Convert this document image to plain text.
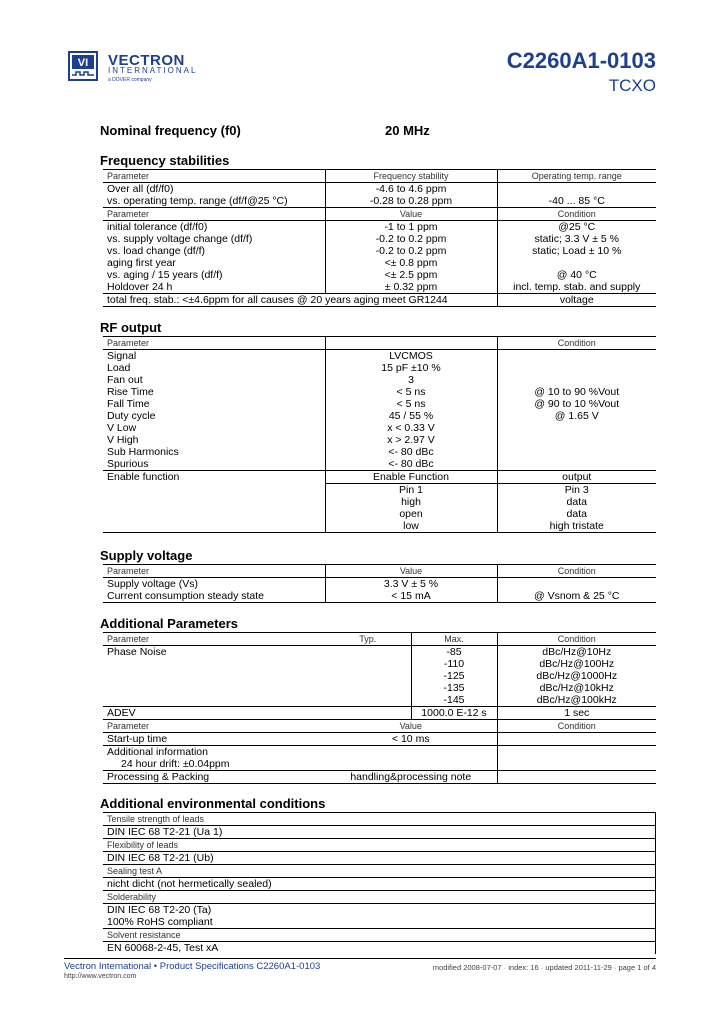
VI VECTRON
INTERNATIONAL
a DOVER company
C2260A1-0103
TCXO
Nominal frequency (f0)	20 MHz
Frequency stabilities
Parameter	Frequency stability	Operating temp. range
Over all (df/f0)	-4.6 to 4.6 ppm	
vs. operating temp. range (df/f@25 °C)	-0.28 to 0.28 ppm	-40 ... 85 °C
Parameter	Value	Condition
initial tolerance (df/f0)	-1 to 1 ppm	@25 °C
vs. supply voltage change (df/f)	-0.2 to 0.2 ppm	static; 3.3 V ± 5 %
vs. load change (df/f)	-0.2 to 0.2 ppm	static; Load ± 10 %
aging first year	<± 0.8 ppm	
vs. aging / 15 years (df/f)	<± 2.5 ppm	@ 40 °C
Holdover 24 h	± 0.32 ppm	incl. temp. stab. and supply
total freq. stab.: <±4.6ppm for all causes @ 20 years aging meet GR1244		voltage
RF output
Parameter		Condition
Signal	LVCMOS	
Load	15 pF ±10 %	
Fan out	3	
Rise Time	< 5 ns	@ 10 to 90 %Vout
Fall Time	< 5 ns	@ 90 to 10 %Vout
Duty cycle	45 / 55 %	@ 1.65 V
V Low	x < 0.33 V	
V High	x > 2.97 V	
Sub Harmonics	<- 80 dBc	
Spurious	<- 80 dBc	
Enable function	Enable Function	output
	Pin 1	Pin 3
	high	data
	open	data
	low	high tristate
Supply voltage
Parameter	Value	Condition
Supply voltage (Vs)	3.3 V ± 5 %	
Current consumption steady state	< 15 mA	@ Vsnom & 25 °C
Additional Parameters
Parameter	Typ.	Max.	Condition
Phase Noise		-85	dBc/Hz@10Hz
		-110	dBc/Hz@100Hz
		-125	dBc/Hz@1000Hz
		-135	dBc/Hz@10kHz
		-145	dBc/Hz@100kHz
ADEV		1000.0 E-12 s	1 sec
Parameter	Value		Condition
Start-up time	< 10 ms		
Additional information			
24 hour drift: ±0.04ppm			
Processing & Packing	handling&processing note		
Additional environmental conditions
Tensile strength of leads
DIN IEC 68 T2-21 (Ua 1)
Flexibility of leads
DIN IEC 68 T2-21 (Ub)
Sealing test A
nicht dicht (not hermetically sealed)
Solderability
DIN IEC 68 T2-20 (Ta)
100% RoHS compliant
Solvent resistance
EN 60068-2-45, Test xA
Vectron International • Product Specifications C2260A1-0103	modified 2008-07-07 · index: 16 · updated 2011-11-29 · page 1 of 4
http://www.vectron.com
